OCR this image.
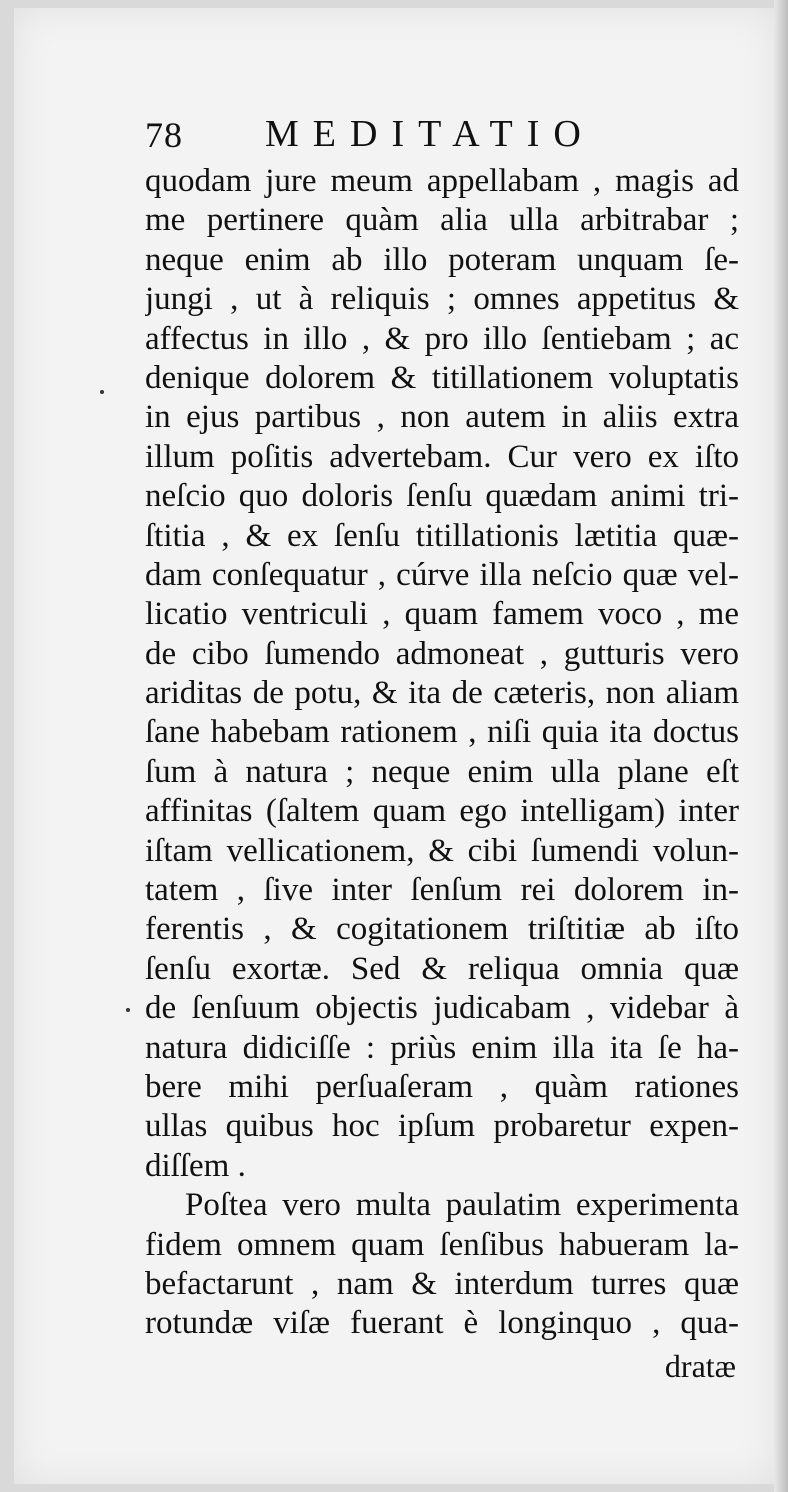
78 MEDITATIO
quodam jure meum appellabam , magis ad
me pertinere quàm alia ulla arbitrabar ;
neque enim ab illo poteram unquam ſe-
jungi , ut à reliquis ; omnes appetitus &
affectus in illo , & pro illo ſentiebam ; ac
denique dolorem & titillationem voluptatis
in ejus partibus , non autem in aliis extra
illum poſitis advertebam. Cur vero ex iſto
neſcio quo doloris ſenſu quædam animi tri-
ſtitia , & ex ſenſu titillationis lætitia quæ-
dam conſequatur , cúrve illa neſcio quæ vel-
licatio ventriculi , quam famem voco , me
de cibo ſumendo admoneat , gutturis vero
ariditas de potu, & ita de cæteris, non aliam
ſane habebam rationem , niſi quia ita doctus
ſum à natura ; neque enim ulla plane eſt
affinitas (ſaltem quam ego intelligam) inter
iſtam vellicationem, & cibi ſumendi volun-
tatem , ſive inter ſenſum rei dolorem in-
ferentis , & cogitationem triſtitiæ ab iſto
ſenſu exortæ. Sed & reliqua omnia quæ
de ſenſuum objectis judicabam , videbar à
natura didiciſſe : priùs enim illa ita ſe ha-
bere mihi perſuaſeram , quàm rationes
ullas quibus hoc ipſum probaretur expen-
diſſem .
Poſtea vero multa paulatim experimenta
fidem omnem quam ſenſibus habueram la-
befactarunt , nam & interdum turres quæ
rotundæ viſæ fuerant è longinquo , qua-
dratæ
